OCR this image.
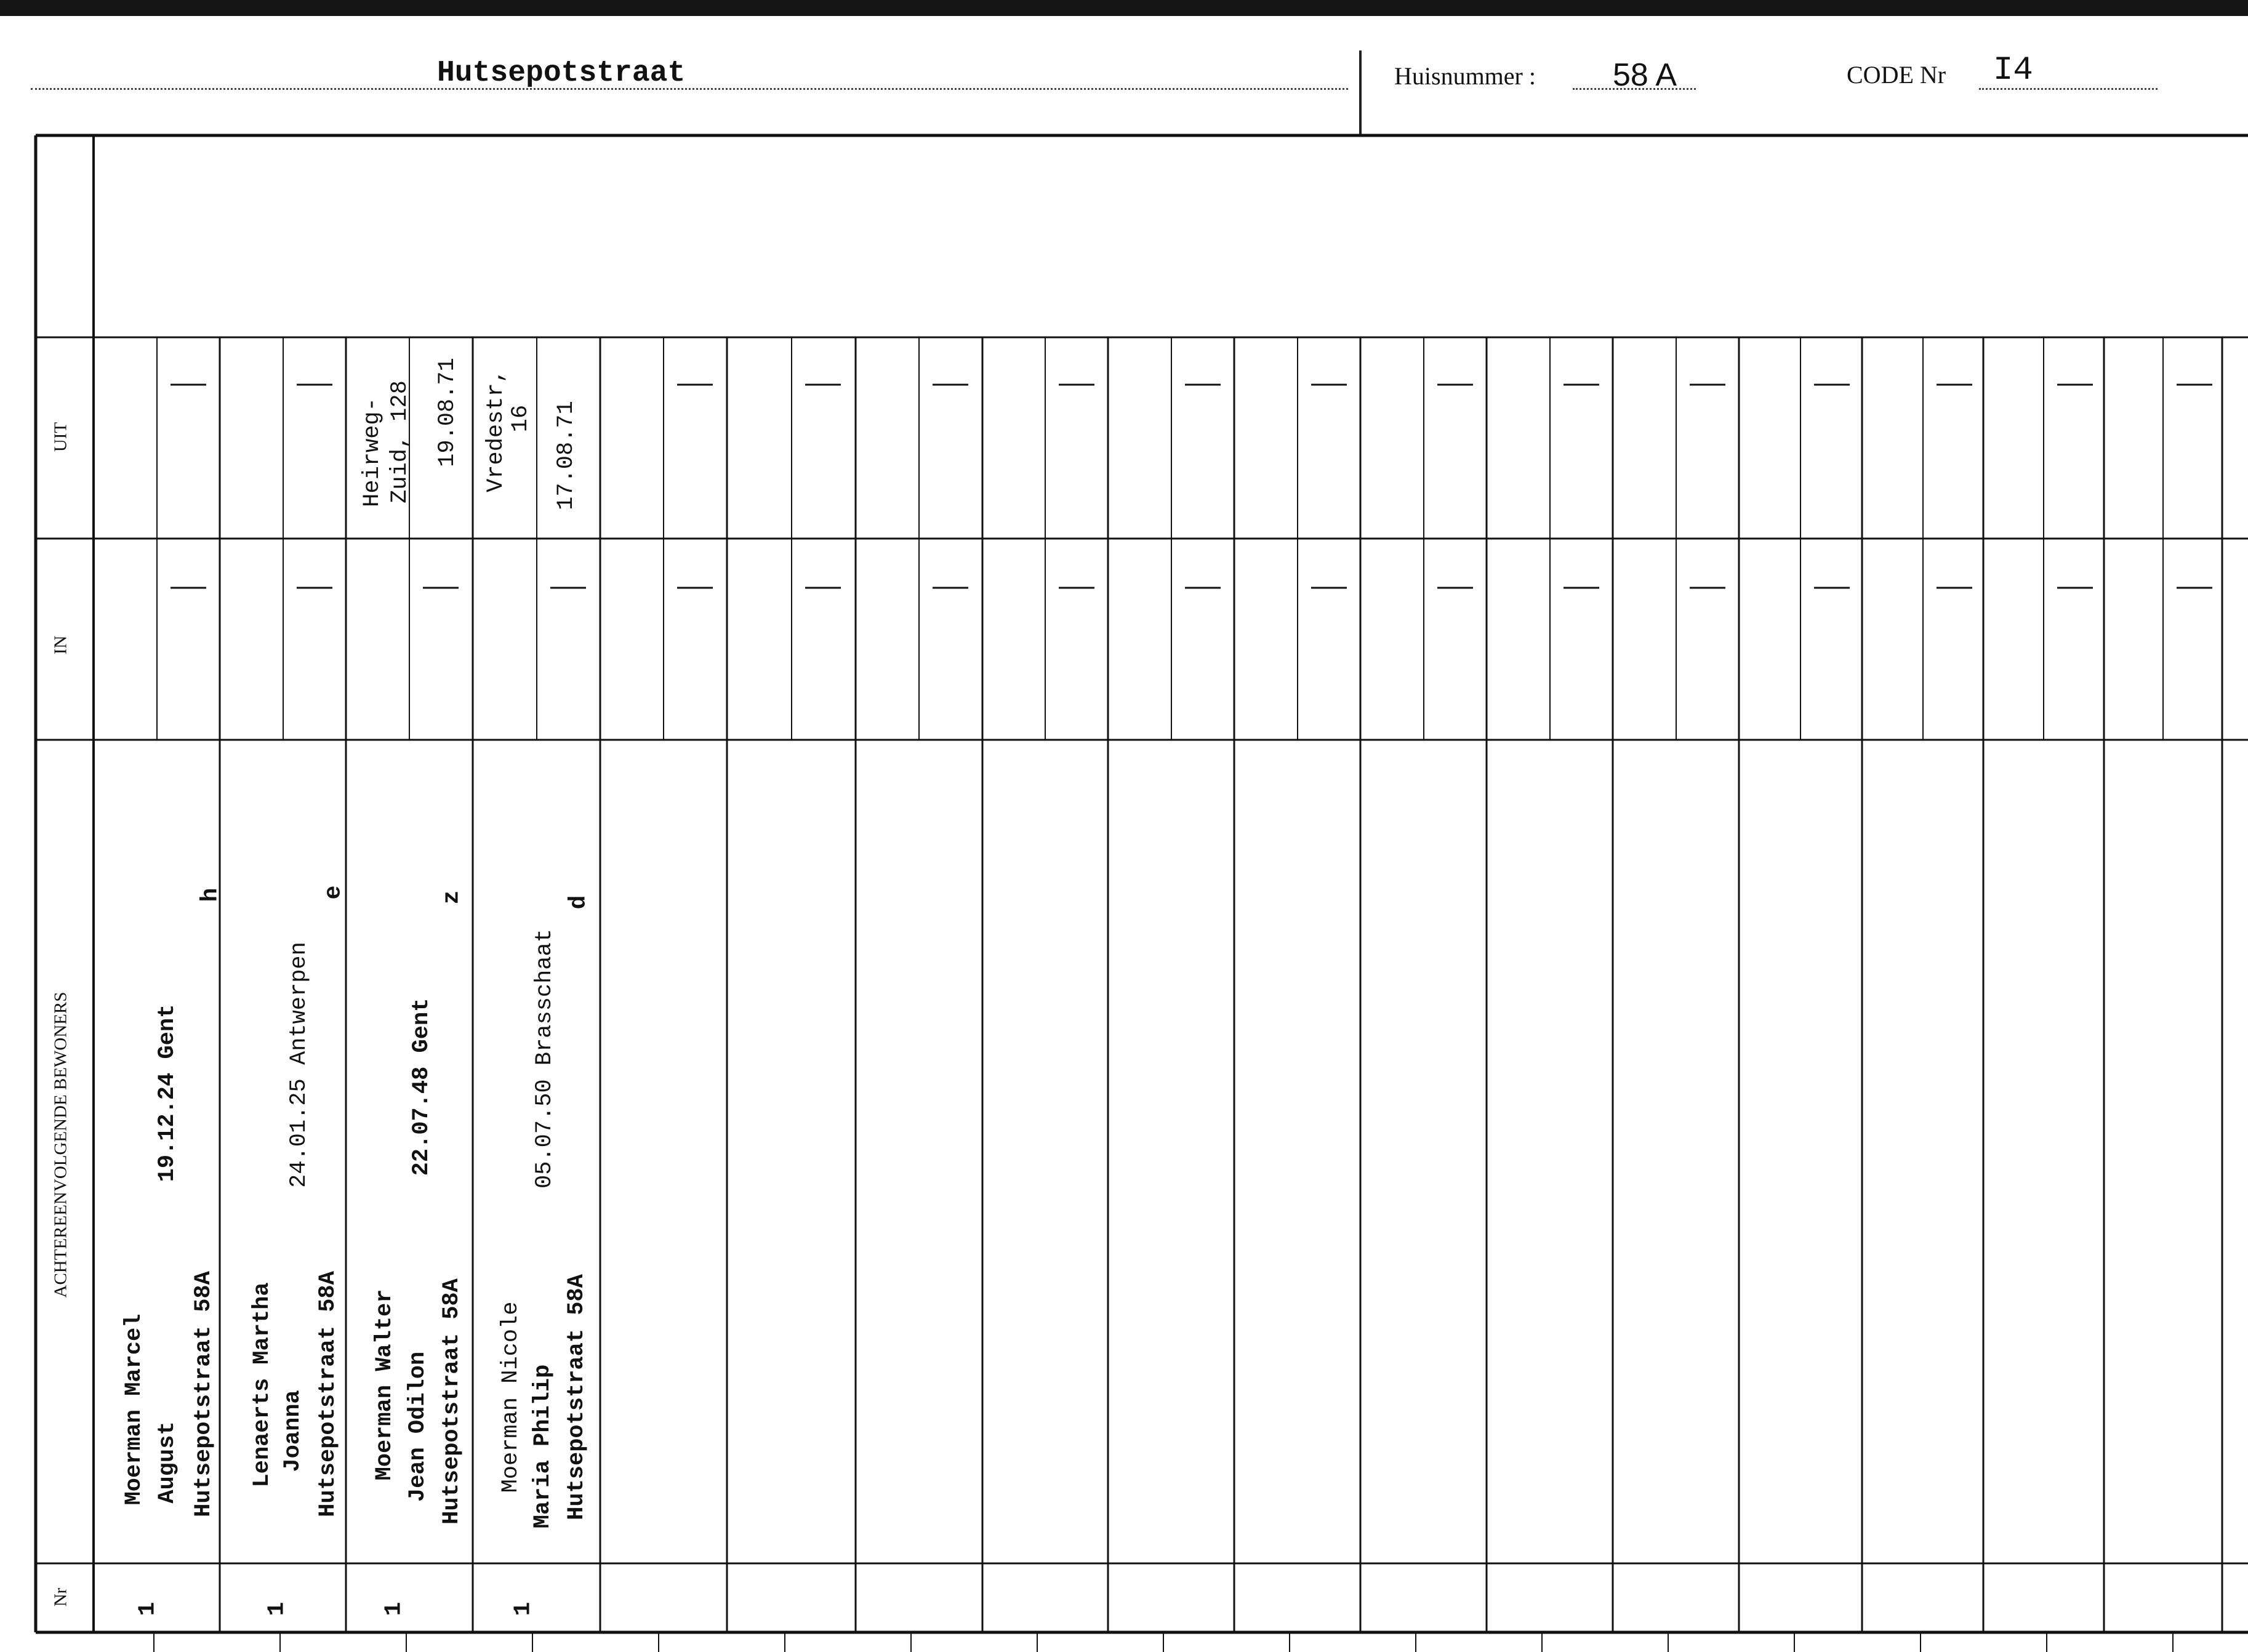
Hutsepotstraat	Huisnummer : 58 A	CODE Nr I4
UIT
IN
ACHTEREENVOLGENDE BEWONERS
Nr
Moerman Marcel August Hutsepotstraat 58A
19.12.24 Gent
h
1
Lenaerts Martha Joanna Hutsepotstraat 58A
24.01.25 Antwerpen
e
1
Moerman Walter Jean Odilon Hutsepotstraat 58A
22.07.48 Gent
z
1
Heirweg- Zuid, 128 19.08.71
Moerman Nicole Maria Philip Hutsepotstraat 58A
05.07.50 Brasschaat
d
1
Vredestr,
16 17.08.71
